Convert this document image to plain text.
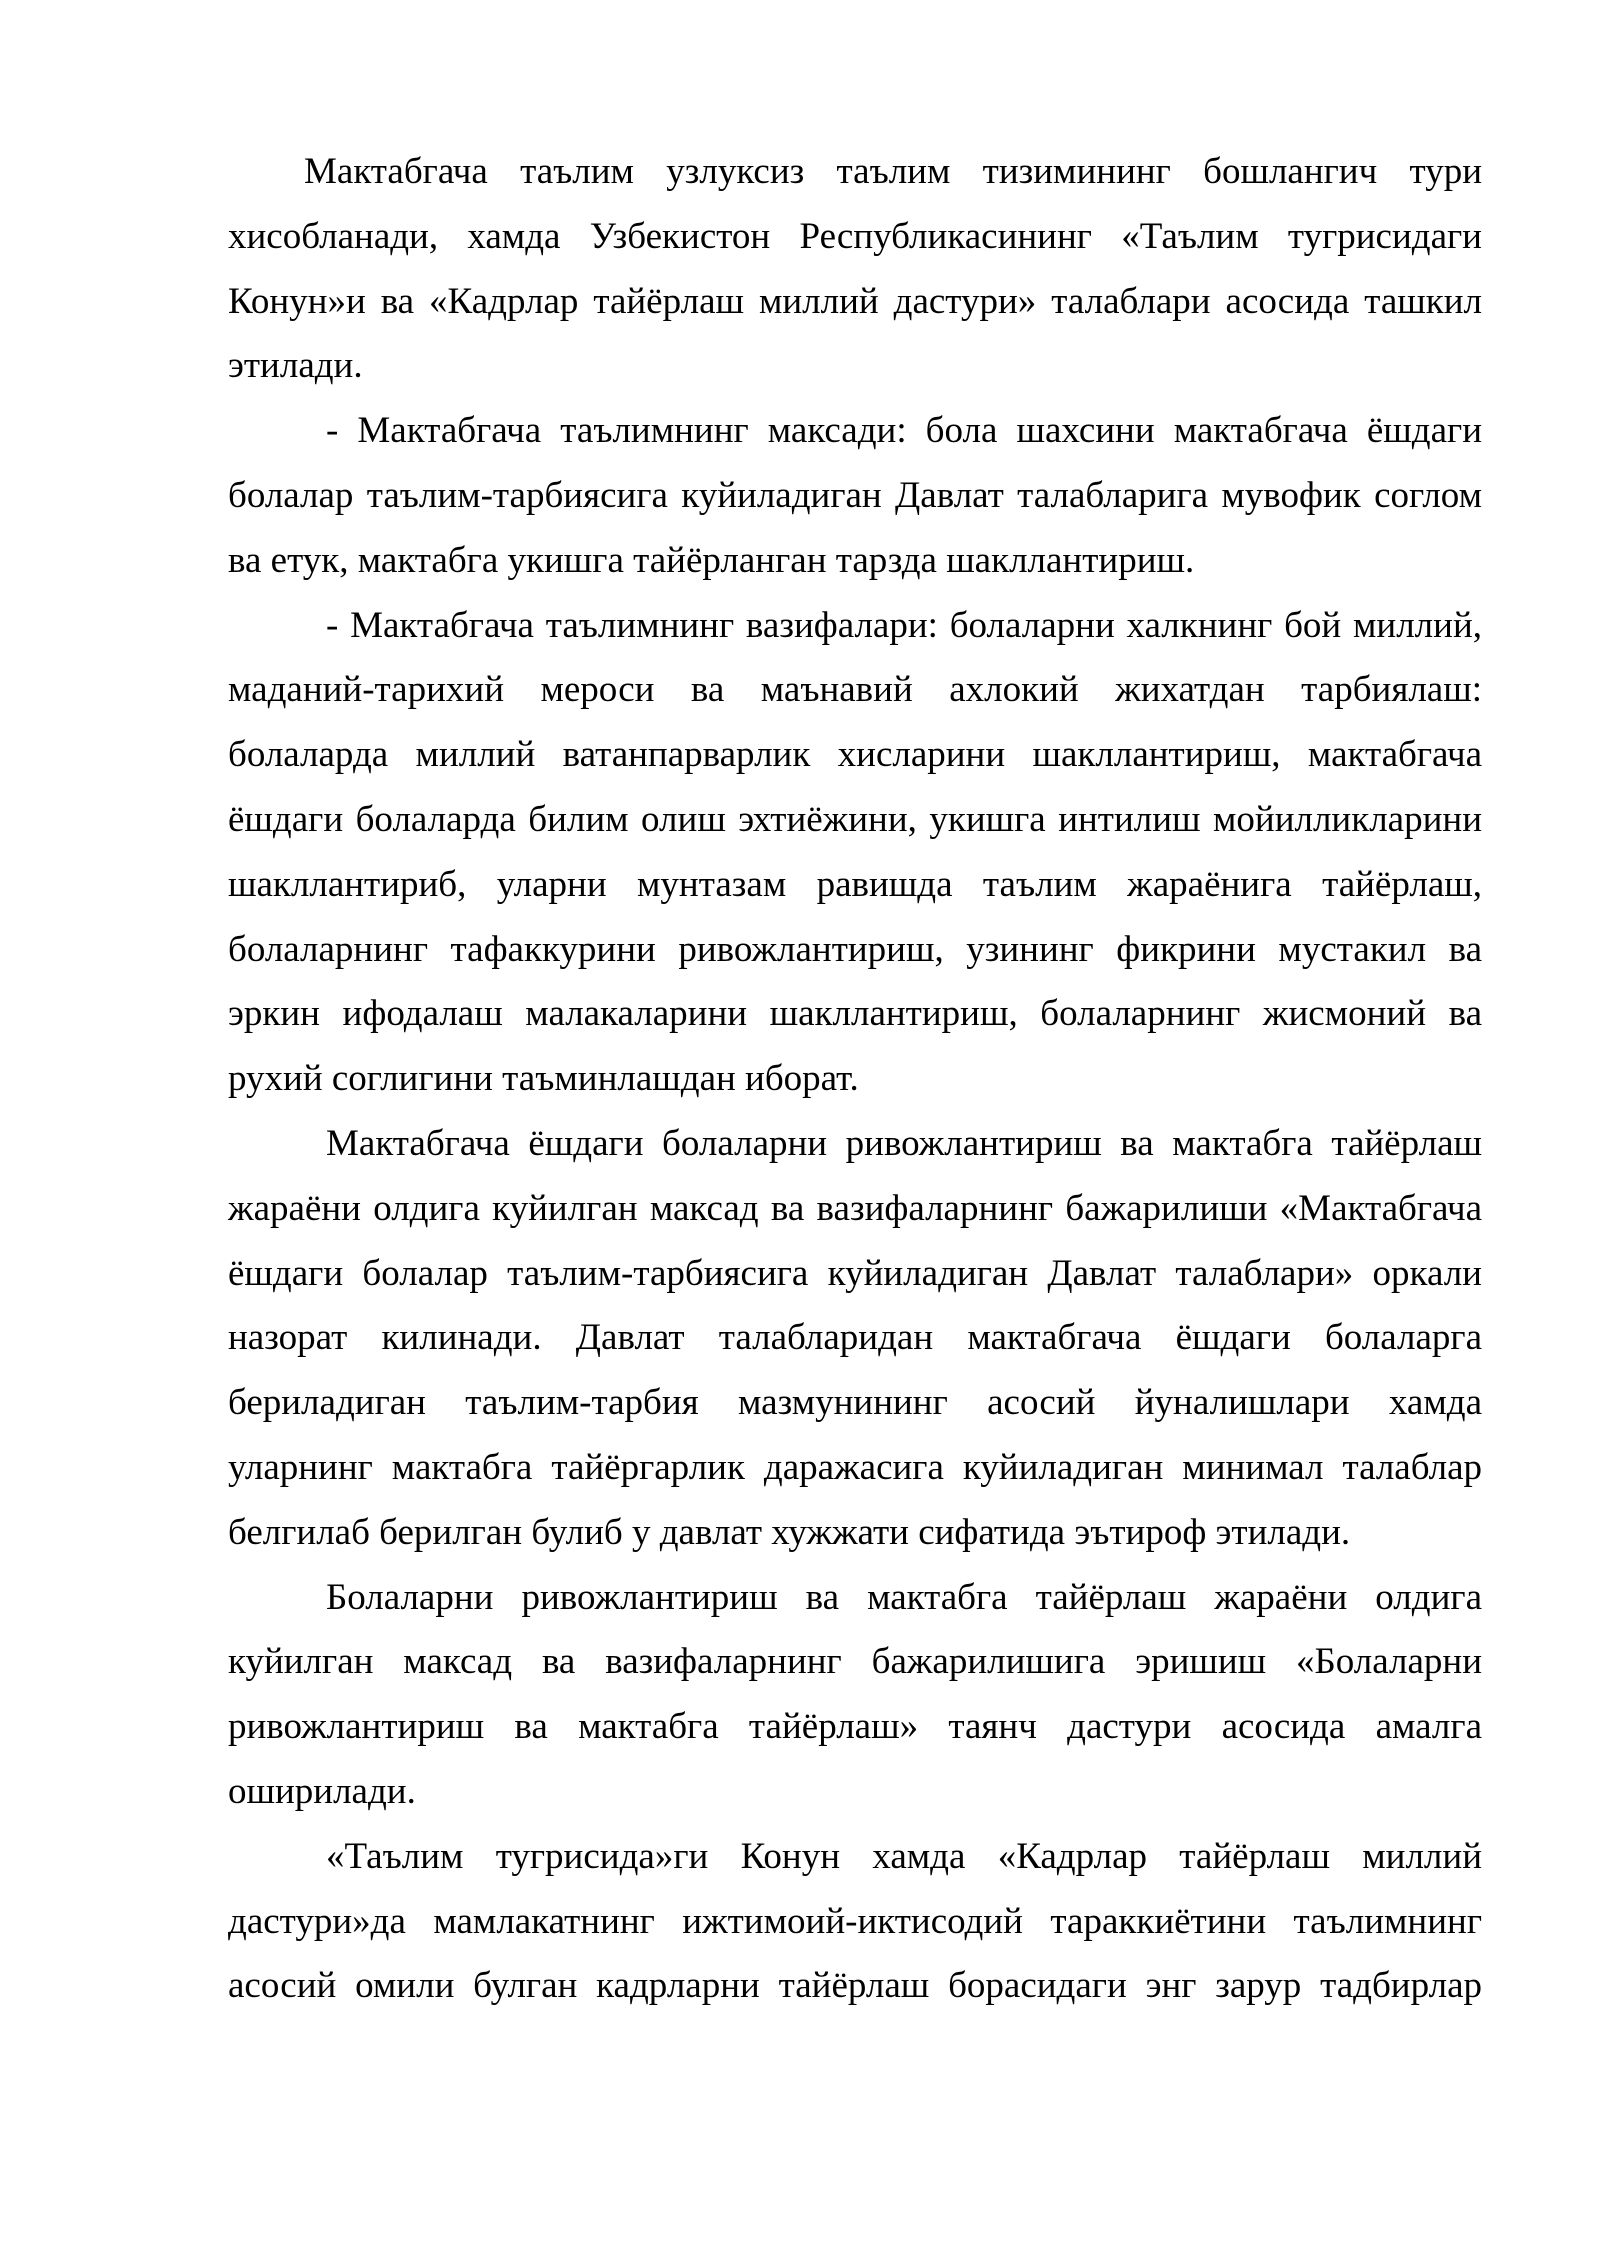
Мактабгача таълим узлуксиз таълим тизимининг бошлангич тури
хисобланади, хамда Узбекистон Республикасининг «Таълим тугрисидаги
Конун»и ва «Кадрлар тайёрлаш миллий дастури» талаблари асосида ташкил
этилади.
- Мактабгача таълимнинг максади: бола шахсини мактабгача ёшдаги
болалар таълим-тарбиясига куйиладиган Давлат талабларига мувофик соглом
ва етук, мактабга укишга тайёрланган тарзда шакллантириш.
- Мактабгача таълимнинг вазифалари: болаларни халкнинг бой миллий,
маданий-тарихий мероси ва маънавий ахлокий жихатдан тарбиялаш:
болаларда миллий ватанпарварлик хисларини шакллантириш, мактабгача
ёшдаги болаларда билим олиш эхтиёжини, укишга интилиш мойилликларини
шакллантириб, уларни мунтазам равишда таълим жараёнига тайёрлаш,
болаларнинг тафаккурини ривожлантириш, узининг фикрини мустакил ва
эркин ифодалаш малакаларини шакллантириш, болаларнинг жисмоний ва
рухий соглигини таъминлашдан иборат.
Мактабгача ёшдаги болаларни ривожлантириш ва мактабга тайёрлаш
жараёни олдига куйилган максад ва вазифаларнинг бажарилиши «Мактабгача
ёшдаги болалар таълим-тарбиясига куйиладиган Давлат талаблари» оркали
назорат килинади. Давлат талабларидан мактабгача ёшдаги болаларга
бериладиган таълим-тарбия мазмунининг асосий йуналишлари хамда
уларнинг мактабга тайёргарлик даражасига куйиладиган минимал талаблар
белгилаб берилган булиб у давлат хужжати сифатида эътироф этилади.
Болаларни ривожлантириш ва мактабга тайёрлаш жараёни олдига
куйилган максад ва вазифаларнинг бажарилишига эришиш «Болаларни
ривожлантириш ва мактабга тайёрлаш» таянч дастури асосида амалга
оширилади.
«Таълим тугрисида»ги Конун хамда «Кадрлар тайёрлаш миллий
дастури»да мамлакатнинг ижтимоий-иктисодий тараккиётини таълимнинг
асосий омили булган кадрларни тайёрлаш борасидаги энг зарур тадбирлар
